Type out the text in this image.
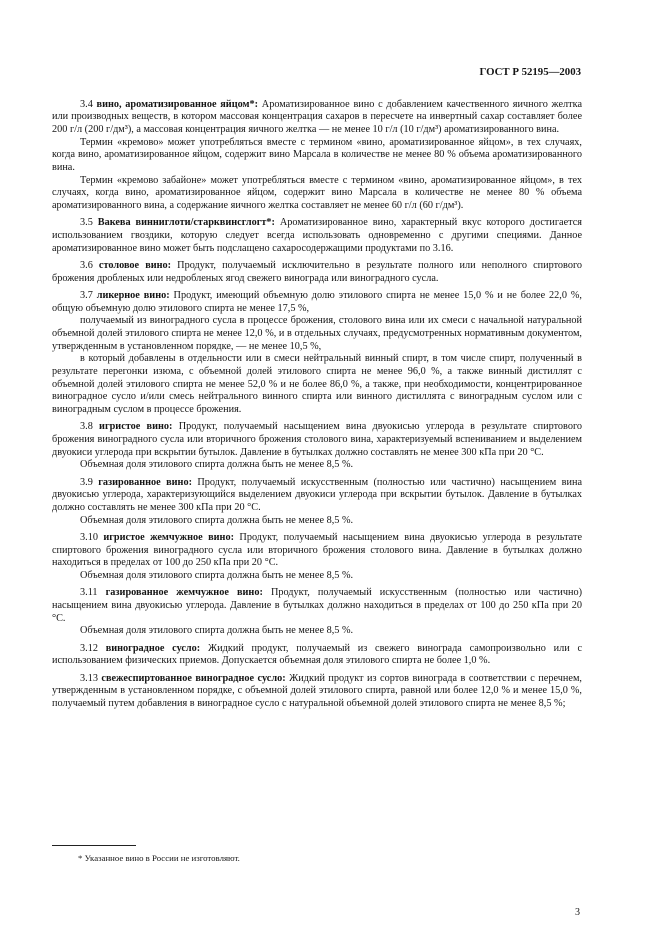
ГОСТ Р 52195—2003

3.4 вино, ароматизированное яйцом*: Ароматизированное вино с добавлением качественного яичного желтка или производных веществ, в котором массовая концентрация сахаров в пересчете на инвертный сахар составляет более 200 г/л (200 г/дм³), а массовая концентрация яичного желтка — не менее 10 г/л (10 г/дм³) ароматизированного вина.

Термин «кремово» может употребляться вместе с термином «вино, ароматизированное яйцом», в тех случаях, когда вино, ароматизированное яйцом, содержит вино Марсала в количестве не менее 80 % объема ароматизированного вина.

Термин «кремово забайоне» может употребляться вместе с термином «вино, ароматизированное яйцом», в тех случаях, когда вино, ароматизированное яйцом, содержит вино Марсала в количестве не менее 80 % объема ароматизированного вина, а содержание яичного желтка составляет не менее 60 г/л (60 г/дм³).

3.5 Вакева винниглоти/старквинсглогт*: Ароматизированное вино, характерный вкус которого достигается использованием гвоздики, которую следует всегда использовать одновременно с другими специями. Данное ароматизированное вино может быть подслащено сахаросодержащими продуктами по 3.16.

3.6 столовое вино: Продукт, получаемый исключительно в результате полного или неполного спиртового брожения дробленых или недробленых ягод свежего винограда или виноградного сусла.

3.7 ликерное вино: Продукт, имеющий объемную долю этилового спирта не менее 15,0 % и не более 22,0 %, общую объемную долю этилового спирта не менее 17,5 %,

получаемый из виноградного сусла в процессе брожения, столового вина или их смеси с начальной натуральной объемной долей этилового спирта не менее 12,0 %, и в отдельных случаях, предусмотренных нормативным документом, утвержденным в установленном порядке, — не менее 10,5 %,

в который добавлены в отдельности или в смеси нейтральный винный спирт, в том числе спирт, полученный в результате перегонки изюма, с объемной долей этилового спирта не менее 96,0 %, а также винный дистиллят с объемной долей этилового спирта не менее 52,0 % и не более 86,0 %, а также, при необходимости, концентрированное виноградное сусло и/или смесь нейтрального винного спирта или винного дистиллята с виноградным суслом или с виноградным суслом в процессе брожения.

3.8 игристое вино: Продукт, получаемый насыщением вина двуокисью углерода в результате спиртового брожения виноградного сусла или вторичного брожения столового вина, характеризуемый вспениванием и выделением двуокиси углерода при вскрытии бутылок. Давление в бутылках должно составлять не менее 300 кПа при 20 °С.

Объемная доля этилового спирта должна быть не менее 8,5 %.

3.9 газированное вино: Продукт, получаемый искусственным (полностью или частично) насыщением вина двуокисью углерода, характеризующийся выделением двуокиси углерода при вскрытии бутылок. Давление в бутылках должно составлять не менее 300 кПа при 20 °С.

Объемная доля этилового спирта должна быть не менее 8,5 %.

3.10 игристое жемчужное вино: Продукт, получаемый насыщением вина двуокисью углерода в результате спиртового брожения виноградного сусла или вторичного брожения столового вина. Давление в бутылках должно находиться в пределах от 100 до 250 кПа при 20 °С.

Объемная доля этилового спирта должна быть не менее 8,5 %.

3.11 газированное жемчужное вино: Продукт, получаемый искусственным (полностью или частично) насыщением вина двуокисью углерода. Давление в бутылках должно находиться в пределах от 100 до 250 кПа при 20 °С.

Объемная доля этилового спирта должна быть не менее 8,5 %.

3.12 виноградное сусло: Жидкий продукт, получаемый из свежего винограда самопроизвольно или с использованием физических приемов. Допускается объемная доля этилового спирта не более 1,0 %.

3.13 свежеспиртованное виноградное сусло: Жидкий продукт из сортов винограда в соответствии с перечнем, утвержденным в установленном порядке, с объемной долей этилового спирта, равной или более 12,0 % и менее 15,0 %, получаемый путем добавления в виноградное сусло с натуральной объемной долей этилового спирта не менее 8,5 %;

* Указанное вино в России не изготовляют.
3
